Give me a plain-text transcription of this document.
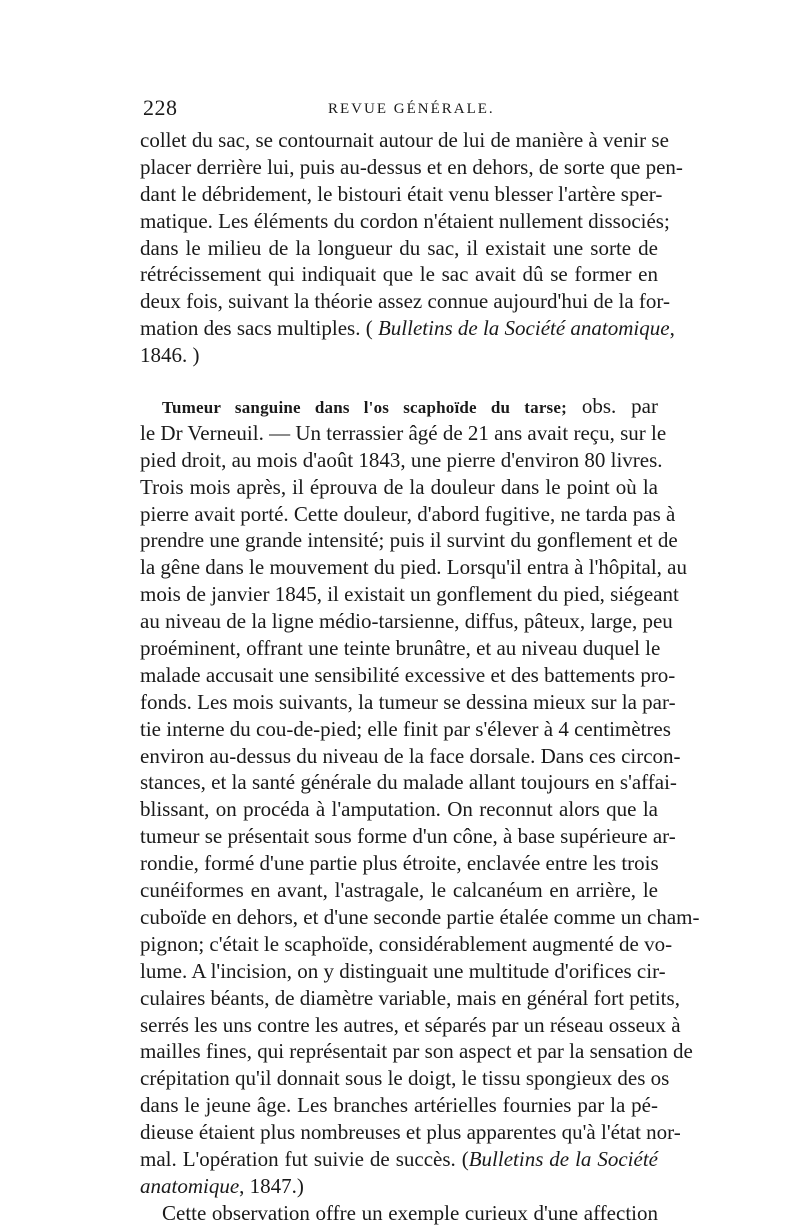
228	REVUE GÉNÉRALE.
collet du sac, se contournait autour de lui de manière à venir se
placer derrière lui, puis au-dessus et en dehors, de sorte que pen-
dant le débridement, le bistouri était venu blesser l'artère sper-
matique. Les éléments du cordon n'étaient nullement dissociés;
dans le milieu de la longueur du sac, il existait une sorte de
rétrécissement qui indiquait que le sac avait dû se former en
deux fois, suivant la théorie assez connue aujourd'hui de la for-
mation des sacs multiples. ( Bulletins de la Société anatomique,
1846. )
Tumeur sanguine dans l'os scaphoïde du tarse; obs. par
le Dr Verneuil. — Un terrassier âgé de 21 ans avait reçu, sur le
pied droit, au mois d'août 1843, une pierre d'environ 80 livres.
Trois mois après, il éprouva de la douleur dans le point où la
pierre avait porté. Cette douleur, d'abord fugitive, ne tarda pas à
prendre une grande intensité; puis il survint du gonflement et de
la gêne dans le mouvement du pied. Lorsqu'il entra à l'hôpital, au
mois de janvier 1845, il existait un gonflement du pied, siégeant
au niveau de la ligne médio-tarsienne, diffus, pâteux, large, peu
proéminent, offrant une teinte brunâtre, et au niveau duquel le
malade accusait une sensibilité excessive et des battements pro-
fonds. Les mois suivants, la tumeur se dessina mieux sur la par-
tie interne du cou-de-pied; elle finit par s'élever à 4 centimètres
environ au-dessus du niveau de la face dorsale. Dans ces circon-
stances, et la santé générale du malade allant toujours en s'affai-
blissant, on procéda à l'amputation. On reconnut alors que la
tumeur se présentait sous forme d'un cône, à base supérieure ar-
rondie, formé d'une partie plus étroite, enclavée entre les trois
cunéiformes en avant, l'astragale, le calcanéum en arrière, le
cuboïde en dehors, et d'une seconde partie étalée comme un cham-
pignon; c'était le scaphoïde, considérablement augmenté de vo-
lume. A l'incision, on y distinguait une multitude d'orifices cir-
culaires béants, de diamètre variable, mais en général fort petits,
serrés les uns contre les autres, et séparés par un réseau osseux à
mailles fines, qui représentait par son aspect et par la sensation de
crépitation qu'il donnait sous le doigt, le tissu spongieux des os
dans le jeune âge. Les branches artérielles fournies par la pé-
dieuse étaient plus nombreuses et plus apparentes qu'à l'état nor-
mal. L'opération fut suivie de succès. (Bulletins de la Société
anatomique, 1847.)
Cette observation offre un exemple curieux d'une affection
